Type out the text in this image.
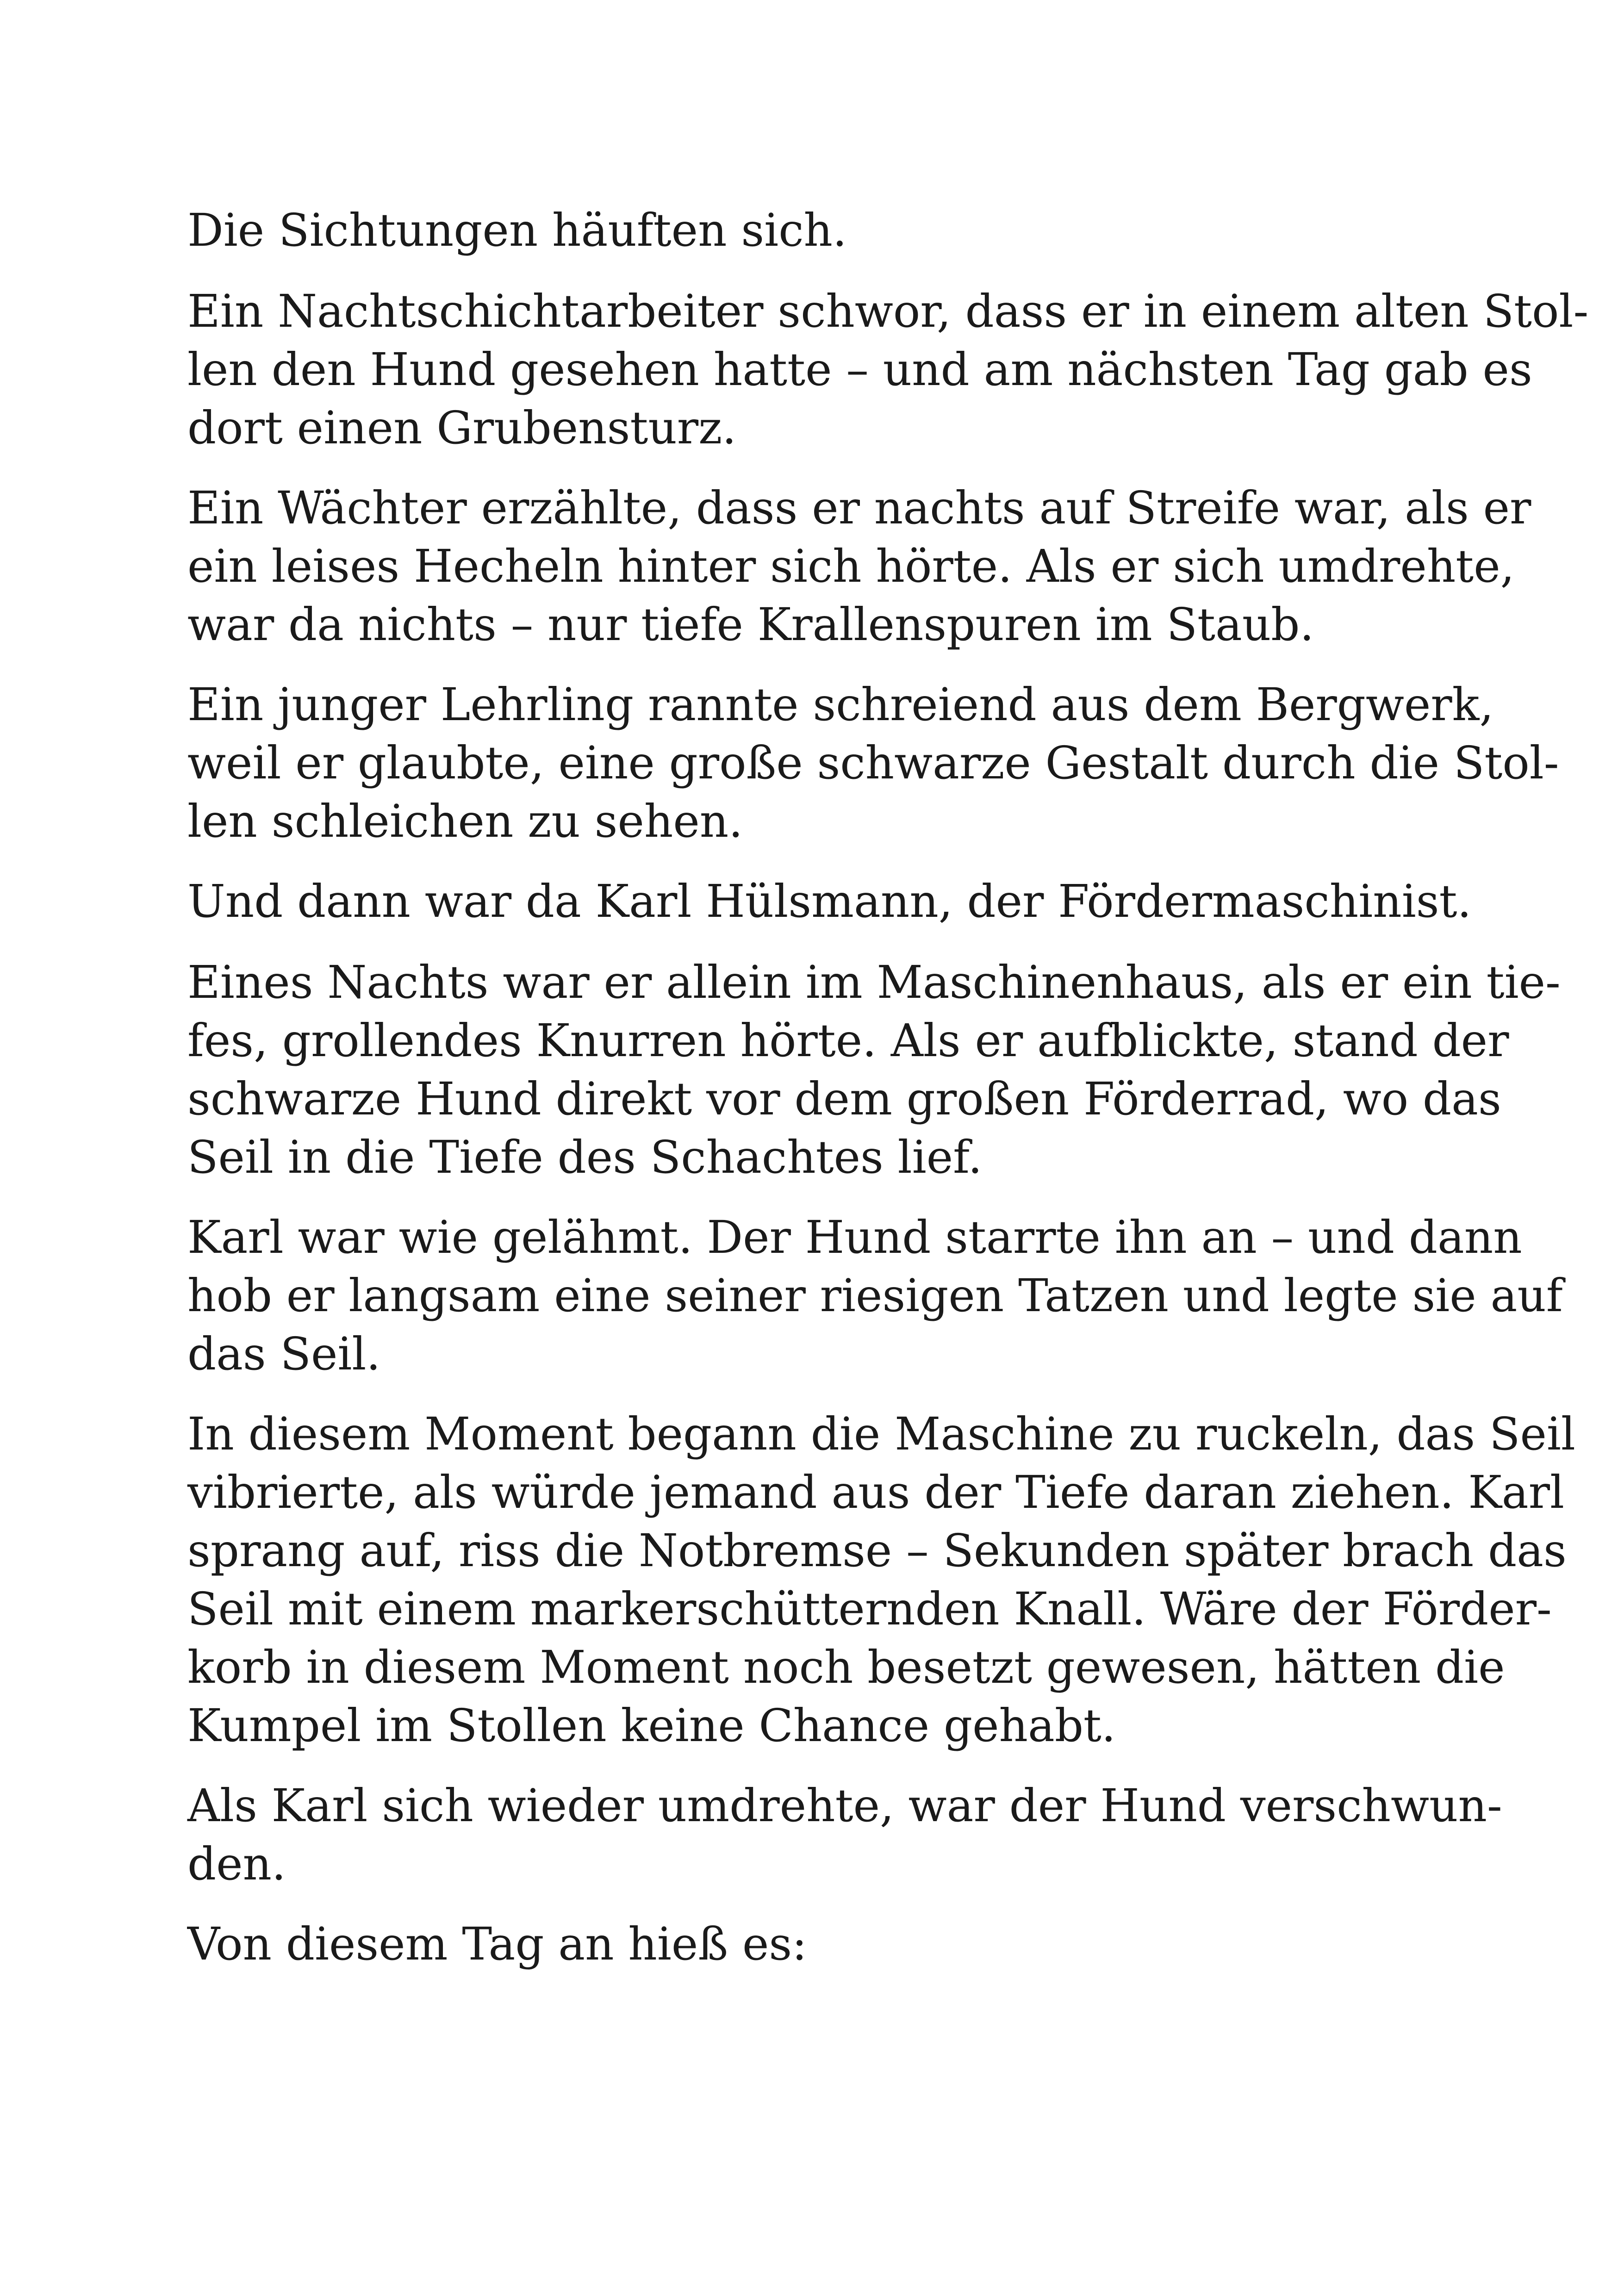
Die Sichtungen häuften sich.
Ein Nachtschichtarbeiter schwor, dass er in einem alten Stol-
len den Hund gesehen hatte – und am nächsten Tag gab es
dort einen Grubensturz.
Ein Wächter erzählte, dass er nachts auf Streife war, als er
ein leises Hecheln hinter sich hörte. Als er sich umdrehte,
war da nichts – nur tiefe Krallenspuren im Staub.
Ein junger Lehrling rannte schreiend aus dem Bergwerk,
weil er glaubte, eine große schwarze Gestalt durch die Stol-
len schleichen zu sehen.
Und dann war da Karl Hülsmann, der Fördermaschinist.
Eines Nachts war er allein im Maschinenhaus, als er ein tie-
fes, grollendes Knurren hörte. Als er aufblickte, stand der
schwarze Hund direkt vor dem großen Förderrad, wo das
Seil in die Tiefe des Schachtes lief.
Karl war wie gelähmt. Der Hund starrte ihn an – und dann
hob er langsam eine seiner riesigen Tatzen und legte sie auf
das Seil.
In diesem Moment begann die Maschine zu ruckeln, das Seil
vibrierte, als würde jemand aus der Tiefe daran ziehen. Karl
sprang auf, riss die Notbremse – Sekunden später brach das
Seil mit einem markerschütternden Knall. Wäre der Förder-
korb in diesem Moment noch besetzt gewesen, hätten die
Kumpel im Stollen keine Chance gehabt.
Als Karl sich wieder umdrehte, war der Hund verschwun-
den.
Von diesem Tag an hieß es:
